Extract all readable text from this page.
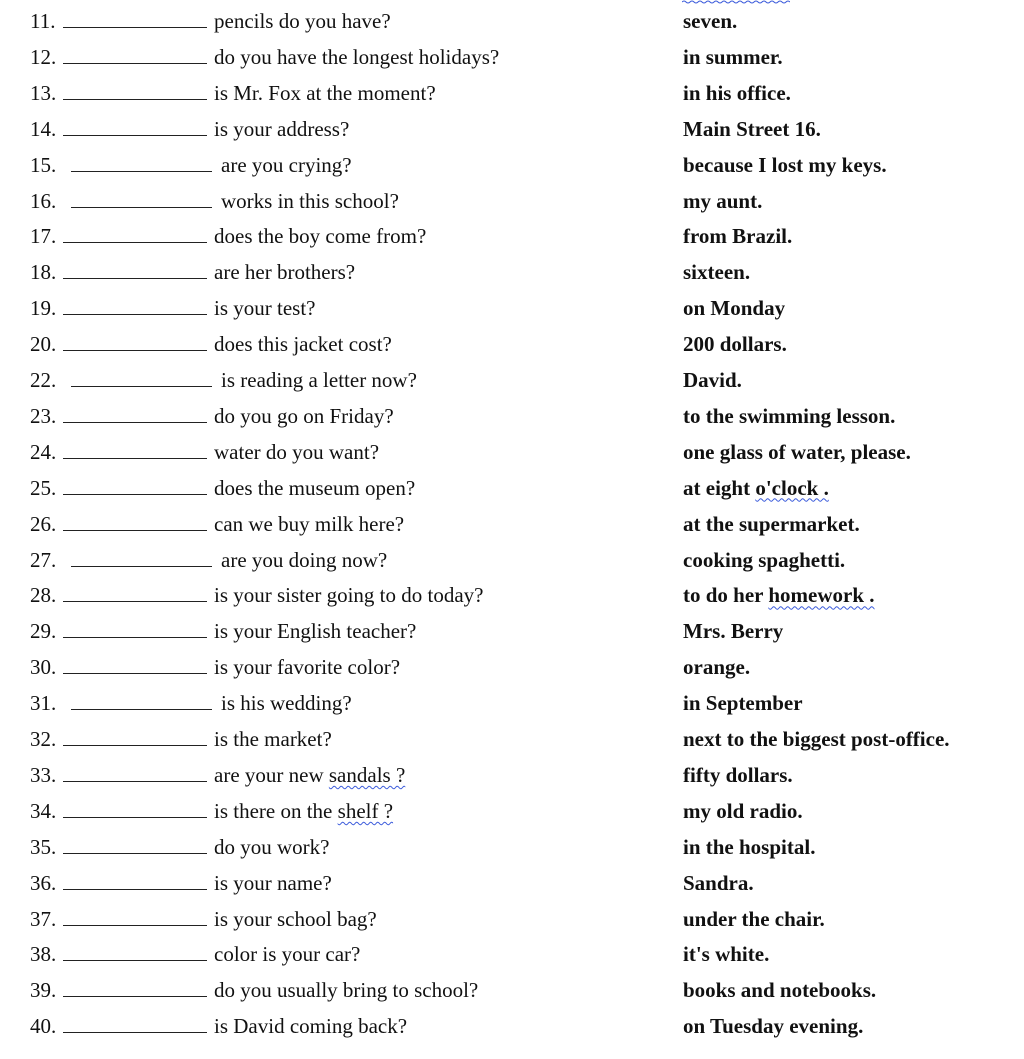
11.	pencils do you have?	seven.
12.	do you have the longest holidays?	in summer.
13.	is Mr. Fox at the moment?	in his office.
14.	is your address?	Main Street 16.
15.	are you crying?	because I lost my keys.
16.	works in this school?	my aunt.
17.	does the boy come from?	from Brazil.
18.	are her brothers?	sixteen.
19.	is your test?	on Monday
20.	does this jacket cost?	200 dollars.
22.	is reading a letter now?	David.
23.	do you go on Friday?	to the swimming lesson.
24.	water do you want?	one glass of water, please.
25.	does the museum open?	at eight o'clock .
26.	can we buy milk here?	at the supermarket.
27.	are you doing now?	cooking spaghetti.
28.	is your sister going to do today?	to do her homework .
29.	is your English teacher?	Mrs. Berry
30.	is your favorite color?	orange.
31.	is his wedding?	in September
32.	is the market?	next to the biggest post-office.
33.	are your new sandals ?	fifty dollars.
34.	is there on the shelf ?	my old radio.
35.	do you work?	in the hospital.
36.	is your name?	Sandra.
37.	is your school bag?	under the chair.
38.	color is your car?	it's white.
39.	do you usually bring to school?	books and notebooks.
40.	is David coming back?	on Tuesday evening.
